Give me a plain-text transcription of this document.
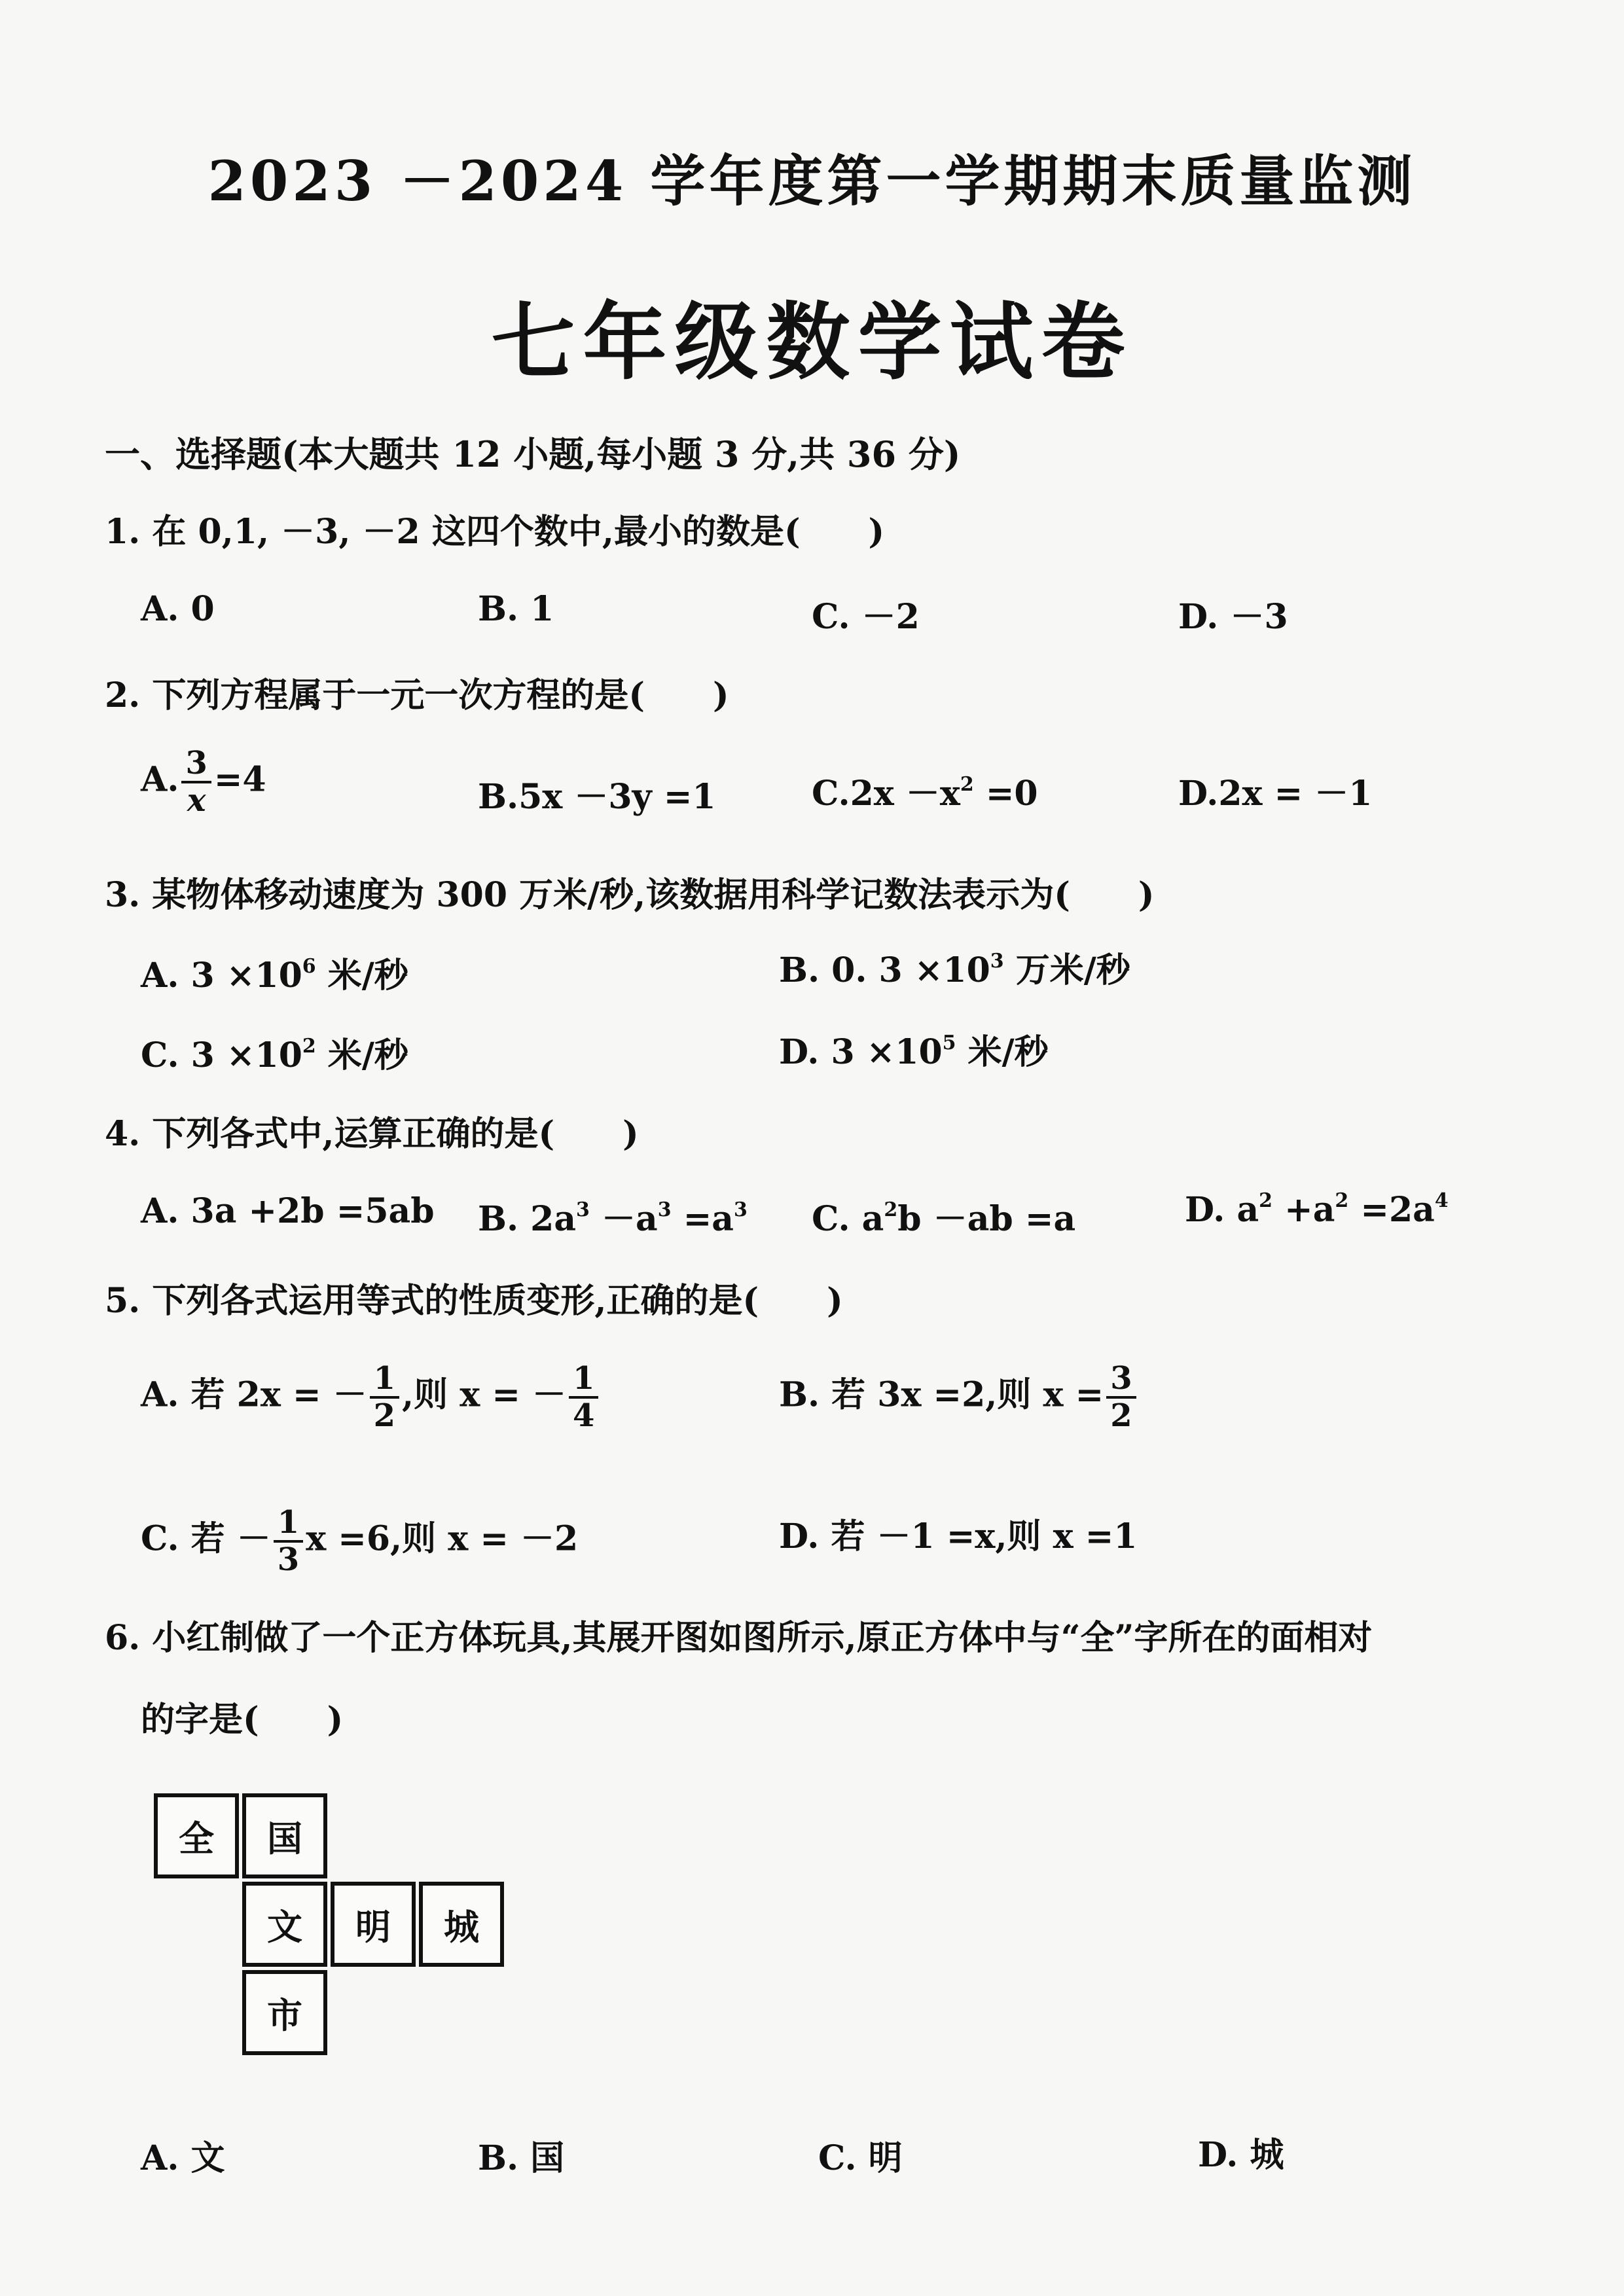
2023 －2024 学年度第一学期期末质量监测
七年级数学试卷
一、选择题(本大题共 12 小题,每小题 3 分,共 36 分)
1. 在 0,1, －3, －2 这四个数中,最小的数是(　　)
A. 0	B. 1	C. －2	D. －3
2. 下列方程属于一元一次方程的是(　　)
A. $\frac{3}{x} =4$	B.5x －3y =1	$C.2x -x^2 =0$	D.2x = －1
3. 某物体移动速度为 300 万米/秒,该数据用科学记数法表示为(　　)
A. $3 \times 10^6$ 米/秒	B. 0. $3 \times 10^3$ 万米/秒
C. $3 \times 10^2$ 米/秒	D. $3 \times 10^5$ 米/秒
4. 下列各式中,运算正确的是(　　)
A. 3a +2b =5ab B. $2a^3 -a^3 =a^3$ C. $a^2b -ab =a$	D. $a^2 +a^2 =2a^4$
5. 下列各式运用等式的性质变形,正确的是(　　)
A. 若 2x = － $\frac{1}{2}$ ,则 x = － $\frac{1}{4}$	B. 若 3x =2,则 $x = \frac{3}{2}$
C. 若 － $\frac{1}{3}$ x =6,则 x = －2	D. 若 －1 =x,则 x =1
6. 小红制做了一个正方体玩具,其展开图如图所示,原正方体中与“全”字所在的面相对
的字是(　　)
全	国
文	明	城
市
A. 文	B. 国	C. 明	D. 城
